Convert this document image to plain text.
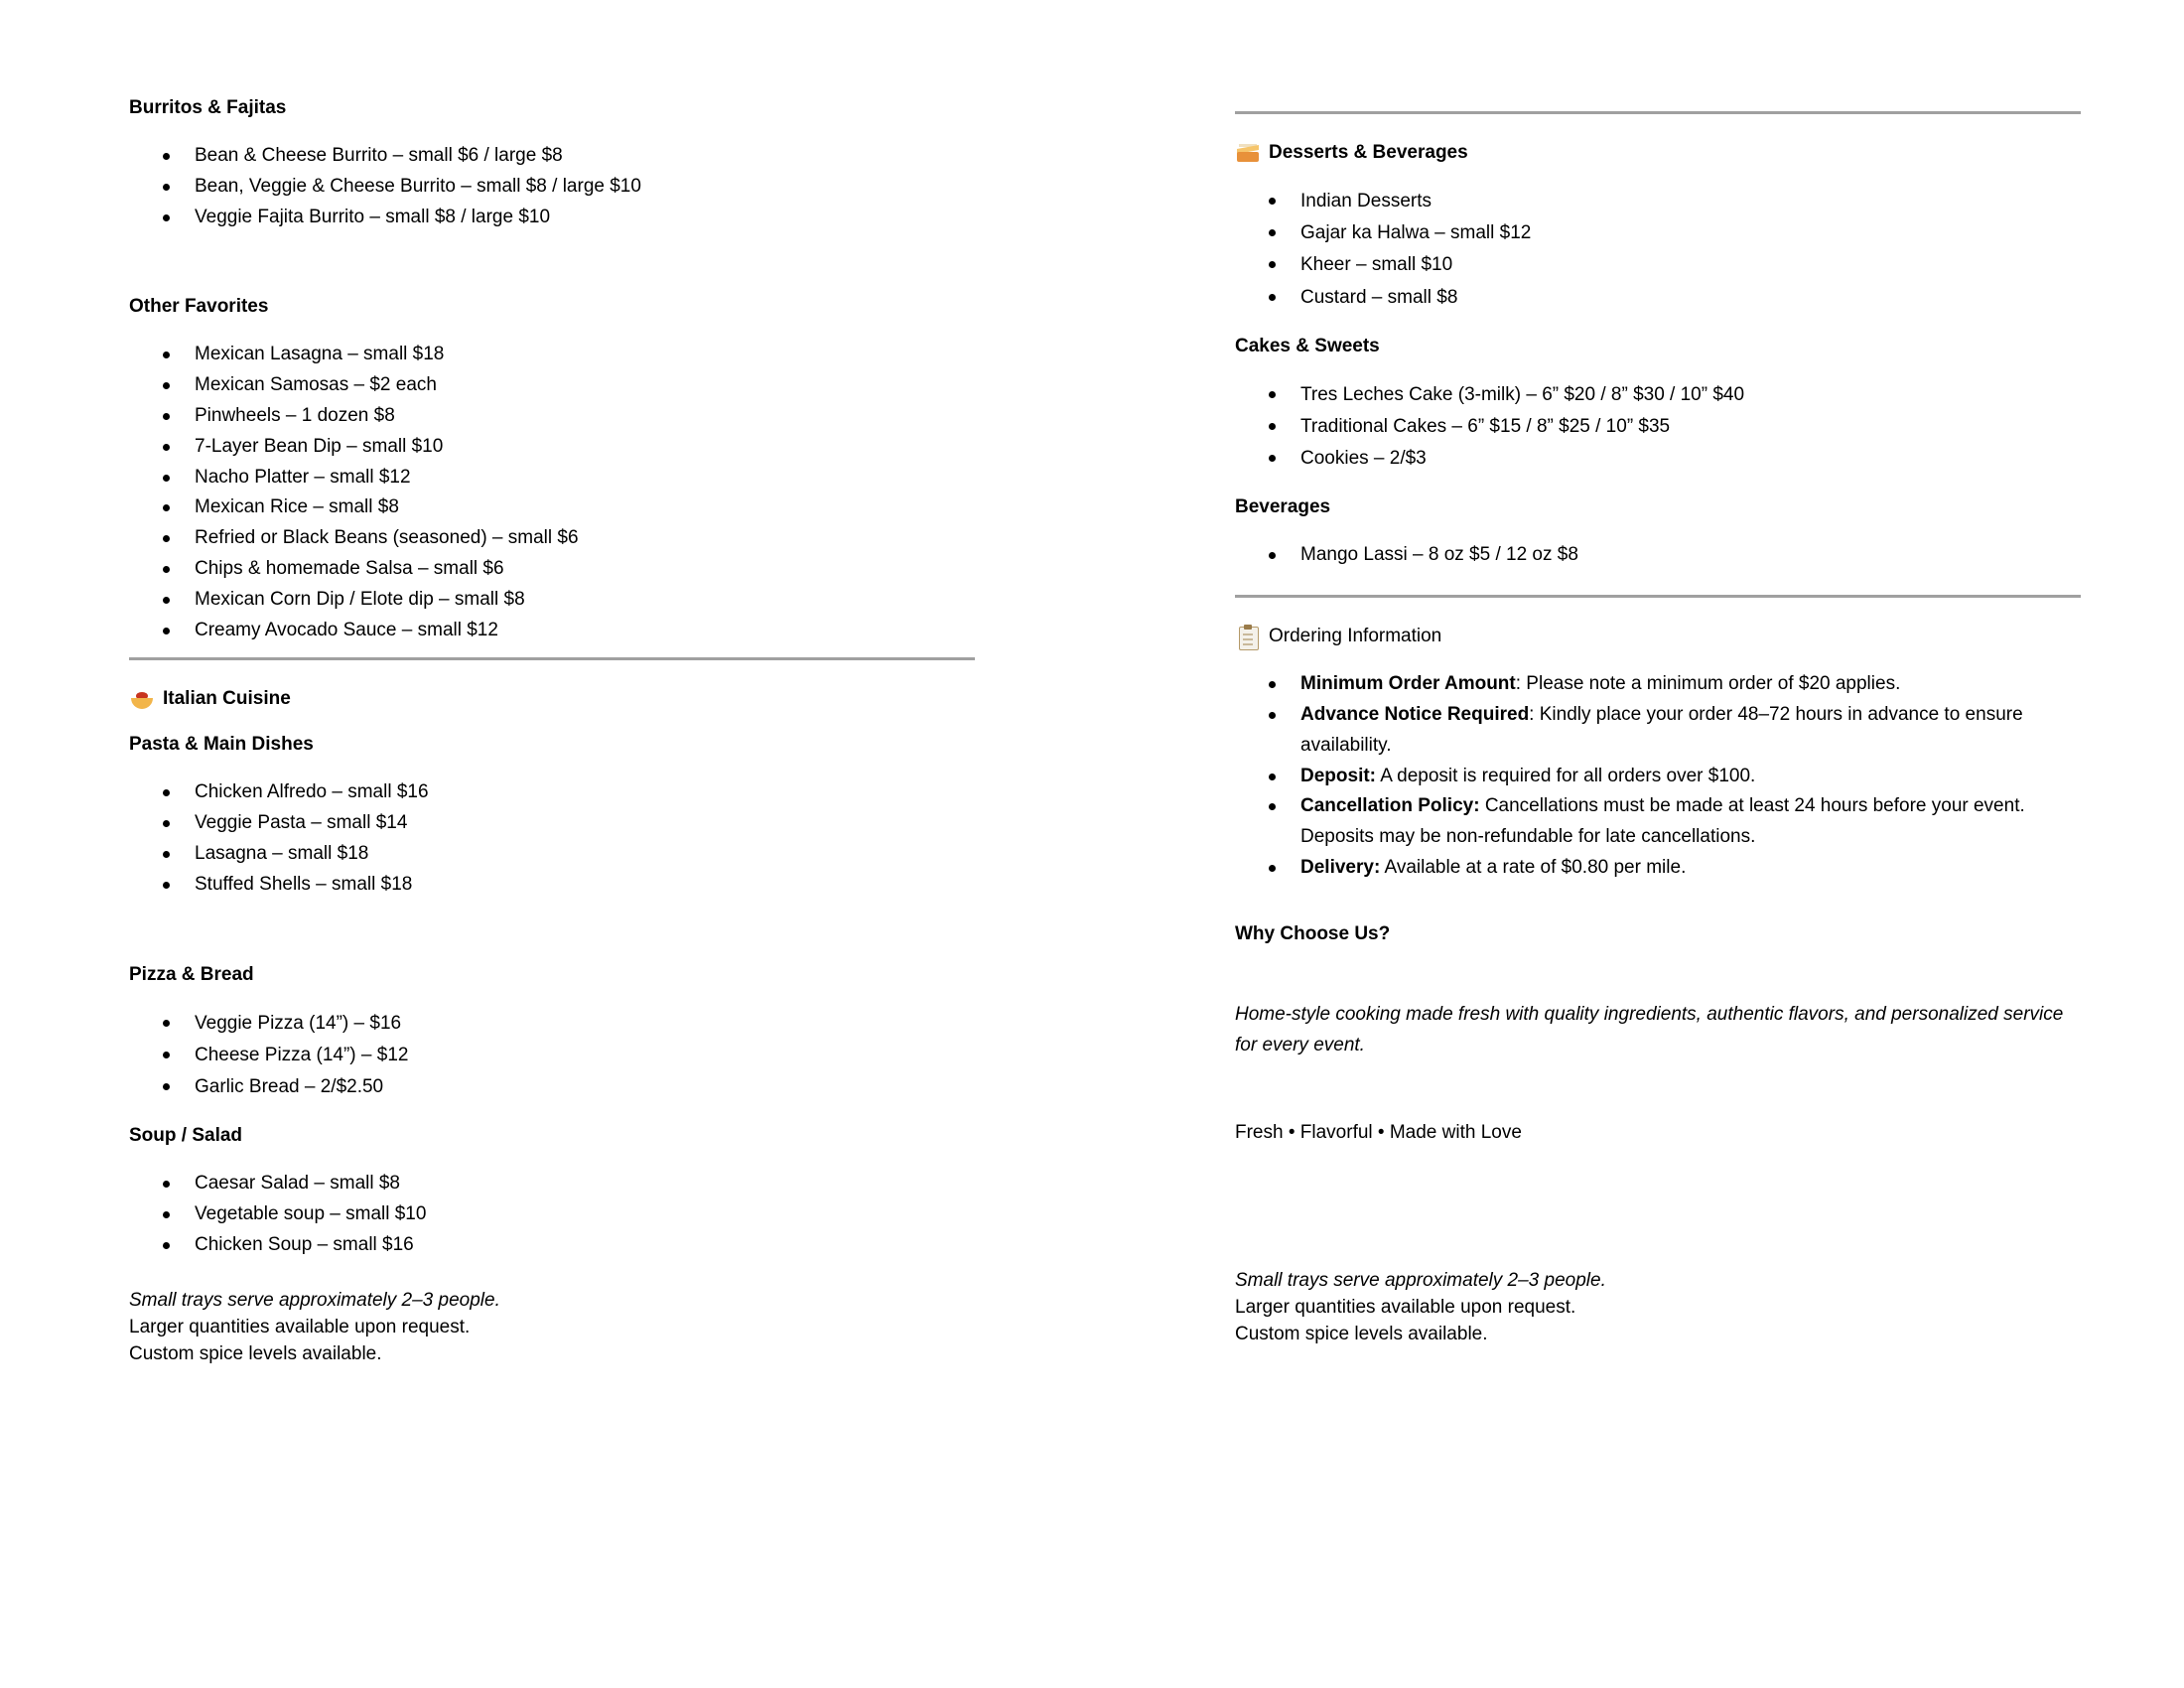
Burritos & Fajitas
Bean & Cheese Burrito – small $6 / large $8
Bean, Veggie & Cheese Burrito – small $8 / large $10
Veggie Fajita Burrito – small $8 / large $10
Other Favorites
Mexican Lasagna – small $18
Mexican Samosas – $2 each
Pinwheels – 1 dozen $8
7-Layer Bean Dip – small $10
Nacho Platter – small $12
Mexican Rice – small $8
Refried or Black Beans (seasoned) – small $6
Chips & homemade Salsa – small $6
Mexican Corn Dip / Elote dip – small $8
Creamy Avocado Sauce – small $12
Italian Cuisine
Pasta & Main Dishes
Chicken Alfredo – small $16
Veggie Pasta – small $14
Lasagna – small $18
Stuffed Shells – small $18
Pizza & Bread
Veggie Pizza (14”) – $16
Cheese Pizza (14”) – $12
Garlic Bread – 2/$2.50
Soup / Salad
Caesar Salad – small $8
Vegetable soup – small $10
Chicken Soup – small $16
Small trays serve approximately 2–3 people.
Larger quantities available upon request.
Custom spice levels available.
Desserts & Beverages
Indian Desserts
Gajar ka Halwa – small $12
Kheer – small $10
Custard – small $8
Cakes & Sweets
Tres Leches Cake (3-milk) – 6” $20 / 8” $30 / 10” $40
Traditional Cakes – 6” $15 / 8” $25 / 10” $35
Cookies – 2/$3
Beverages
Mango Lassi – 8 oz $5 / 12 oz $8
Ordering Information
Minimum Order Amount: Please note a minimum order of $20 applies.
Advance Notice Required: Kindly place your order 48–72 hours in advance to ensure availability.
Deposit: A deposit is required for all orders over $100.
Cancellation Policy: Cancellations must be made at least 24 hours before your event. Deposits may be non-refundable for late cancellations.
Delivery: Available at a rate of $0.80 per mile.
Why Choose Us?

Home-style cooking made fresh with quality ingredients, authentic flavors, and personalized service for every event.

Fresh • Flavorful • Made with Love

Small trays serve approximately 2–3 people.
Larger quantities available upon request.
Custom spice levels available.
